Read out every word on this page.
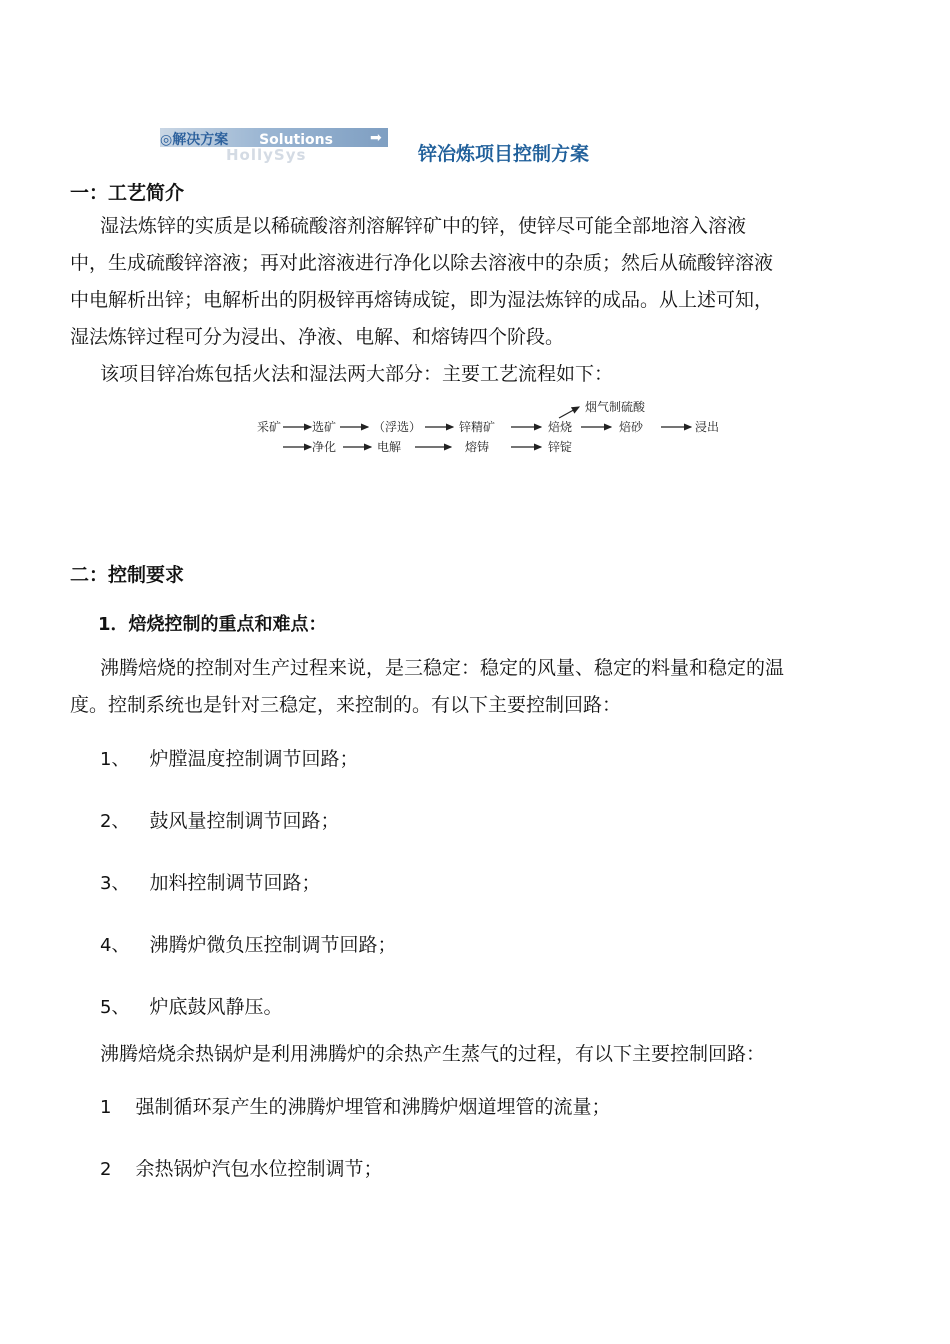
◎解决方案 Solutions	➡
HollySys	锌冶炼项目控制方案
一：工艺简介
湿法炼锌的实质是以稀硫酸溶剂溶解锌矿中的锌，使锌尽可能全部地溶入溶液
中，生成硫酸锌溶液；再对此溶液进行净化以除去溶液中的杂质；然后从硫酸锌溶液
中电解析出锌；电解析出的阴极锌再熔铸成锭，即为湿法炼锌的成品。从上述可知，
湿法炼锌过程可分为浸出、净液、电解、和熔铸四个阶段。
该项目锌冶炼包括火法和湿法两大部分：主要工艺流程如下：
采矿	选矿	（浮选）	锌精矿	焙烧
烟气制硫酸
焙砂	浸出
净化	电解	熔铸	锌锭
二：控制要求
1．焙烧控制的重点和难点：
沸腾焙烧的控制对生产过程来说，是三稳定：稳定的风量、稳定的料量和稳定的温
度。控制系统也是针对三稳定，来控制的。有以下主要控制回路：
1、 炉膛温度控制调节回路；
2、 鼓风量控制调节回路；
3、 加料控制调节回路；
4、 沸腾炉微负压控制调节回路；
5、 炉底鼓风静压。
沸腾焙烧余热锅炉是利用沸腾炉的余热产生蒸气的过程，有以下主要控制回路：
1 强制循环泵产生的沸腾炉埋管和沸腾炉烟道埋管的流量；
2 余热锅炉汽包水位控制调节；
